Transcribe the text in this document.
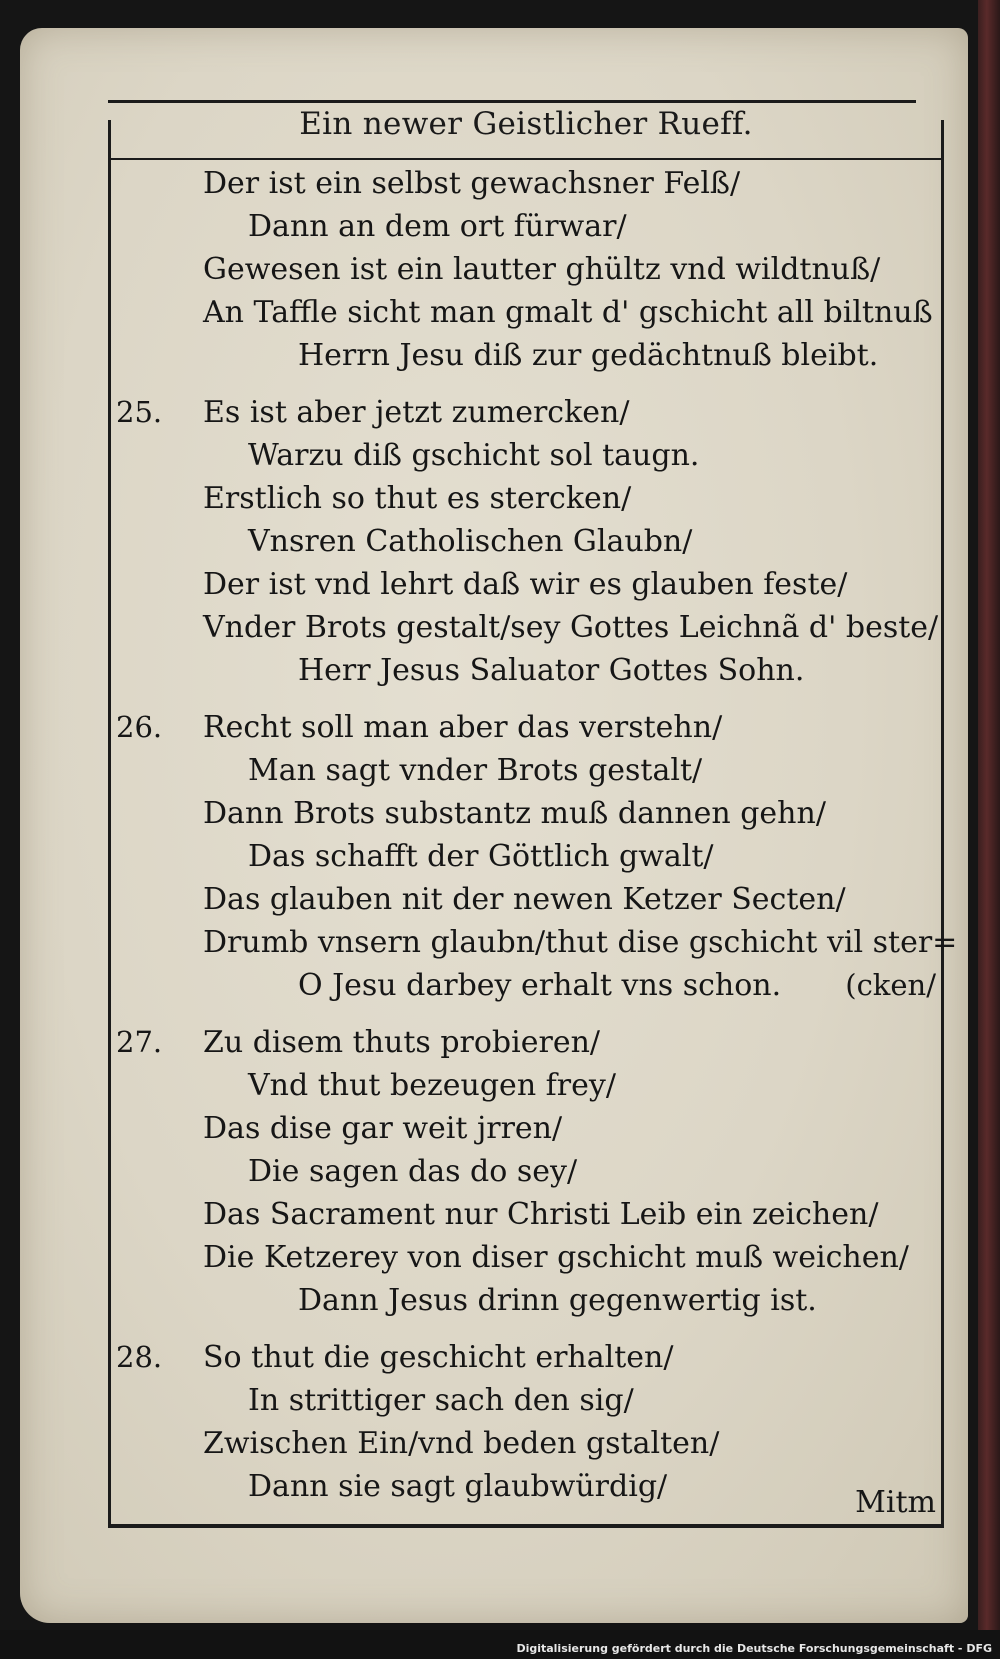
Ein newer Geistlicher Rueff.
Der ist ein selbst gewachsner Felß/
Dann an dem ort fürwar/
Gewesen ist ein lautter ghültz vnd wildtnuß/
An Taffle sicht man gmalt d' gschicht all biltnuß
Herrn Jesu diß zur gedächtnuß bleibt.
25.	Es ist aber jetzt zumercken/
Warzu diß gschicht sol taugn.
Erstlich so thut es stercken/
Vnsren Catholischen Glaubn/
Der ist vnd lehrt daß wir es glauben feste/
Vnder Brots gestalt/sey Gottes Leichnã d' beste/
Herr Jesus Saluator Gottes Sohn.
26.	Recht soll man aber das verstehn/
Man sagt vnder Brots gestalt/
Dann Brots substantz muß dannen gehn/
Das schafft der Göttlich gwalt/
Das glauben nit der newen Ketzer Secten/
Drumb vnsern glaubn/thut dise gschicht vil ster=
O Jesu darbey erhalt vns schon. (cken/
27.	Zu disem thuts probieren/
Vnd thut bezeugen frey/
Das dise gar weit jrren/
Die sagen das do sey/
Das Sacrament nur Christi Leib ein zeichen/
Die Ketzerey von diser gschicht muß weichen/
Dann Jesus drinn gegenwertig ist.
28.	So thut die geschicht erhalten/
In strittiger sach den sig/
Zwischen Ein/vnd beden gstalten/
Dann sie sagt glaubwürdig/	Mitm
Digitalisierung gefördert durch die Deutsche Forschungsgemeinschaft - DFG
